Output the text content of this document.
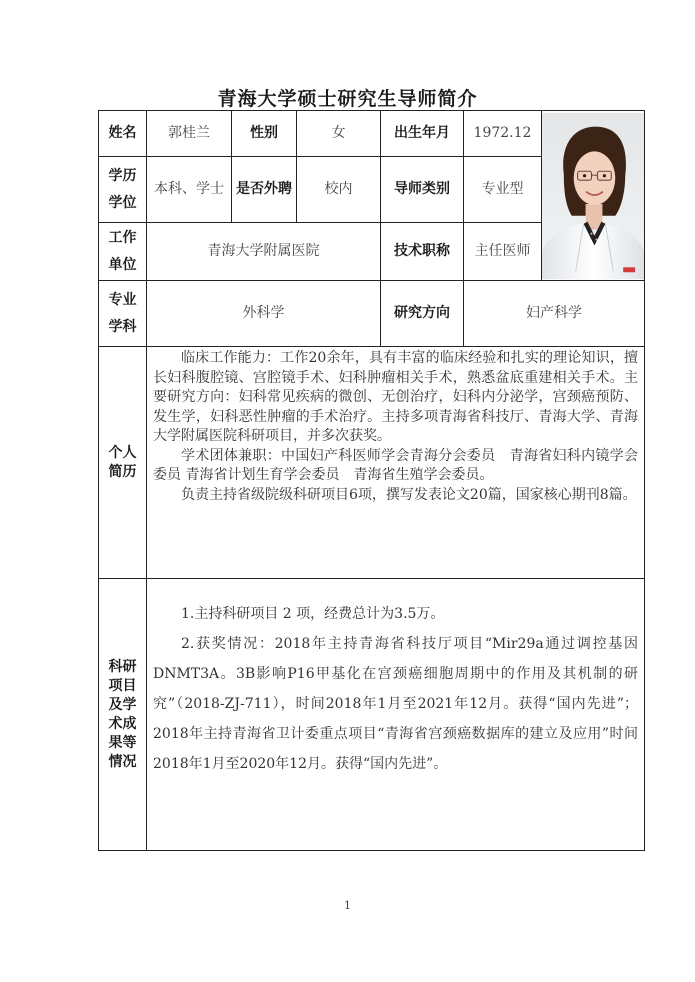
青海大学硕士研究生导师简介
姓名	郭桂兰	性别	女	出生年月	1972.12	

学历学位	本科、学士	是否外聘	校内	导师类别	专业型	
工作单位	青海大学附属医院			技术职称	主任医师	
专业学科	外科学			研究方向	妇产科学	
个人简历	临床工作能力：工作20余年，具有丰富的临床经验和扎实的理论知识，擅长妇科腹腔镜、宫腔镜手术、妇科肿瘤相关手术，熟悉盆底重建相关手术。主要研究方向：妇科常见疾病的微创、无创治疗，妇科内分泌学，宫颈癌预防、发生学，妇科恶性肿瘤的手术治疗。主持多项青海省科技厅、青海大学、青海大学附属医院科研项目，并多次获奖。

学术团体兼职：中国妇产科医师学会青海分会委员　青海省妇科内镜学会委员 青海省计划生育学会委员　青海省生殖学会委员。

负责主持省级院级科研项目6项，撰写发表论文20篇，国家核心期刊8篇。					

科研项目及学术成果等情况	1.主持科研项目 2 项，经费总计为3.5万。

2.获奖情况：2018年主持青海省科技厅项目“Mir29a通过调控基因DNMT3A。3B影响P16甲基化在宫颈癌细胞周期中的作用及其机制的研究”（2018-ZJ-711），时间2018年1月至2021年12月。获得“国内先进”；2018年主持青海省卫计委重点项目“青海省宫颈癌数据库的建立及应用”时间2018年1月至2020年12月。获得“国内先进”。					

1
